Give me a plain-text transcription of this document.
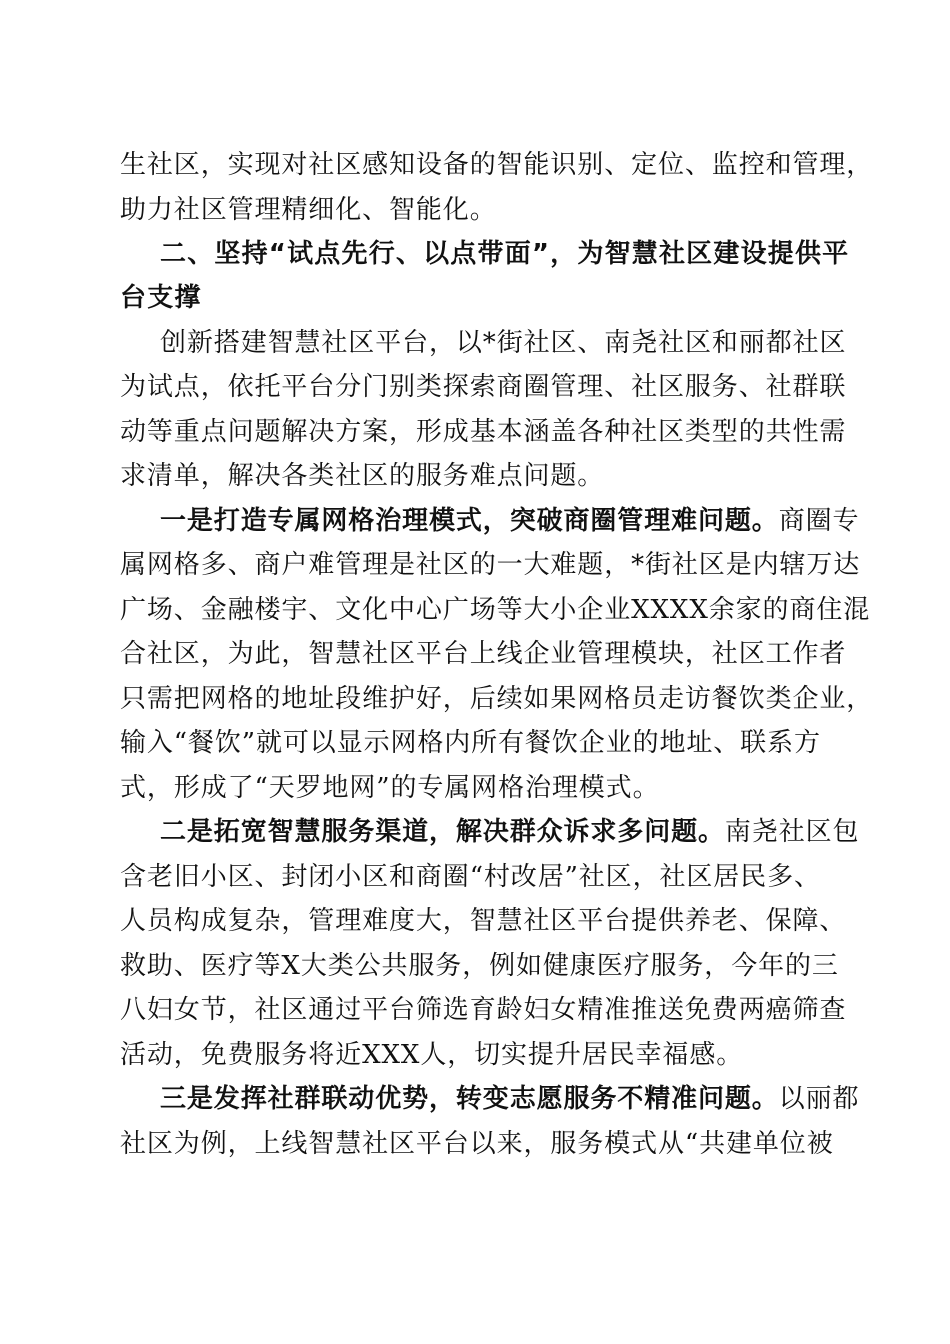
生社区，实现对社区感知设备的智能识别、定位、监控和管理，
助力社区管理精细化、智能化。
二、坚持“试点先行、以点带面”，为智慧社区建设提供平
台支撑
创新搭建智慧社区平台，以*街社区、南尧社区和丽都社区
为试点，依托平台分门别类探索商圈管理、社区服务、社群联
动等重点问题解决方案，形成基本涵盖各种社区类型的共性需
求清单，解决各类社区的服务难点问题。
一是打造专属网格治理模式，突破商圈管理难问题。商圈专
属网格多、商户难管理是社区的一大难题，*街社区是内辖万达
广场、金融楼宇、文化中心广场等大小企业XXXX余家的商住混
合社区，为此，智慧社区平台上线企业管理模块，社区工作者
只需把网格的地址段维护好，后续如果网格员走访餐饮类企业，
输入“餐饮”就可以显示网格内所有餐饮企业的地址、联系方
式，形成了“天罗地网”的专属网格治理模式。
二是拓宽智慧服务渠道，解决群众诉求多问题。南尧社区包
含老旧小区、封闭小区和商圈“村改居”社区，社区居民多、
人员构成复杂，管理难度大，智慧社区平台提供养老、保障、
救助、医疗等X大类公共服务，例如健康医疗服务，今年的三
八妇女节，社区通过平台筛选育龄妇女精准推送免费两癌筛查
活动，免费服务将近XXX人，切实提升居民幸福感。
三是发挥社群联动优势，转变志愿服务不精准问题。以丽都
社区为例，上线智慧社区平台以来，服务模式从“共建单位被
